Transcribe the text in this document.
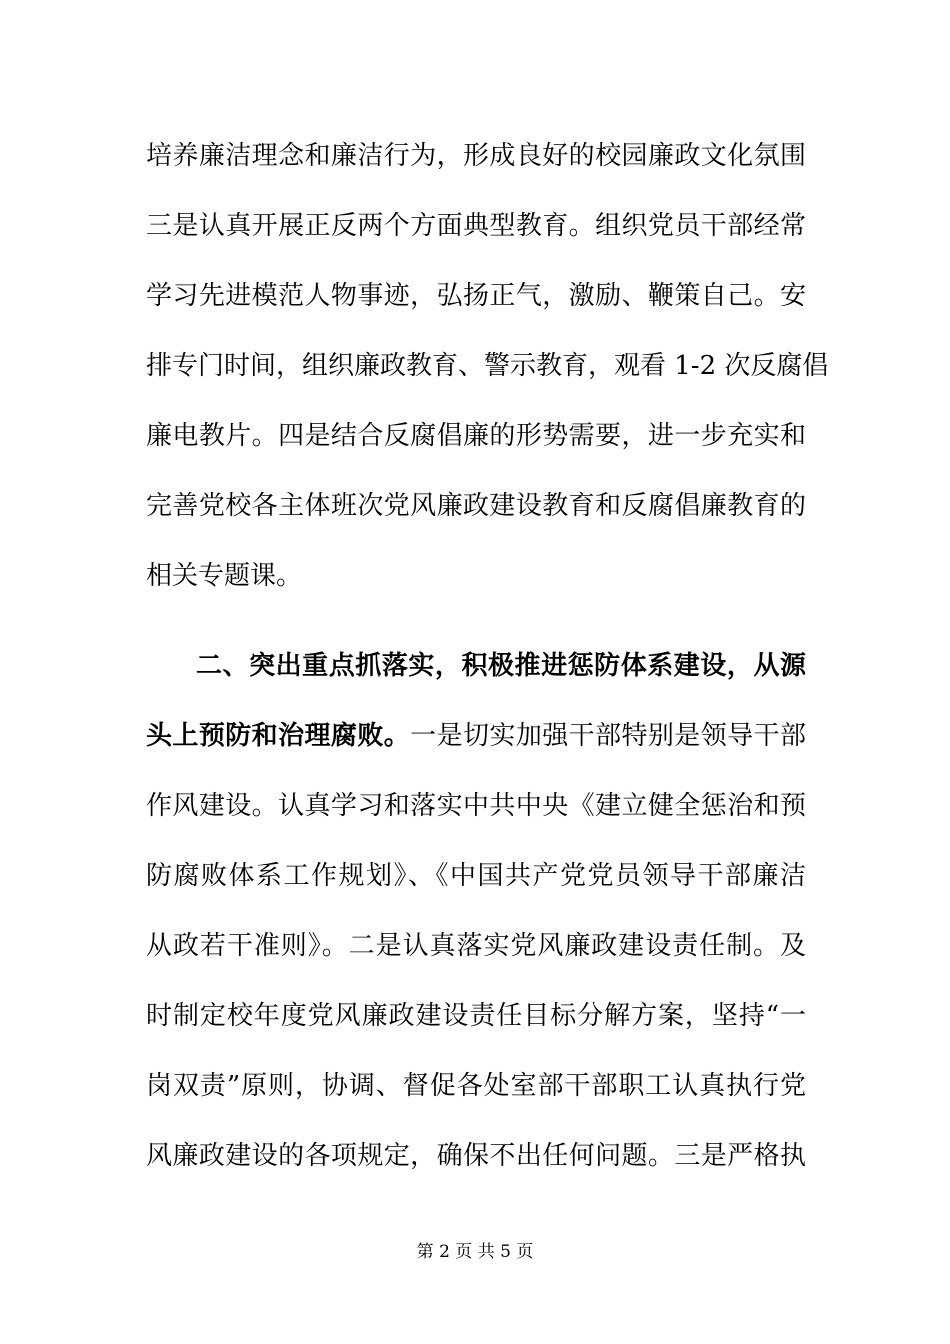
培养廉洁理念和廉洁行为，形成良好的校园廉政文化氛围
三是认真开展正反两个方面典型教育。组织党员干部经常
学习先进模范人物事迹，弘扬正气，激励、鞭策自己。安
排专门时间，组织廉政教育、警示教育，观看 1-2 次反腐倡
廉电教片。四是结合反腐倡廉的形势需要，进一步充实和
完善党校各主体班次党风廉政建设教育和反腐倡廉教育的
相关专题课。
二、突出重点抓落实，积极推进惩防体系建设，从源
头上预防和治理腐败。一是切实加强干部特别是领导干部
作风建设。认真学习和落实中共中央《建立健全惩治和预
防腐败体系工作规划》、《中国共产党党员领导干部廉洁
从政若干准则》。二是认真落实党风廉政建设责任制。及
时制定校年度党风廉政建设责任目标分解方案，坚持“一
岗双责”原则，协调、督促各处室部干部职工认真执行党
风廉政建设的各项规定，确保不出任何问题。三是严格执
第 2 页 共 5 页
